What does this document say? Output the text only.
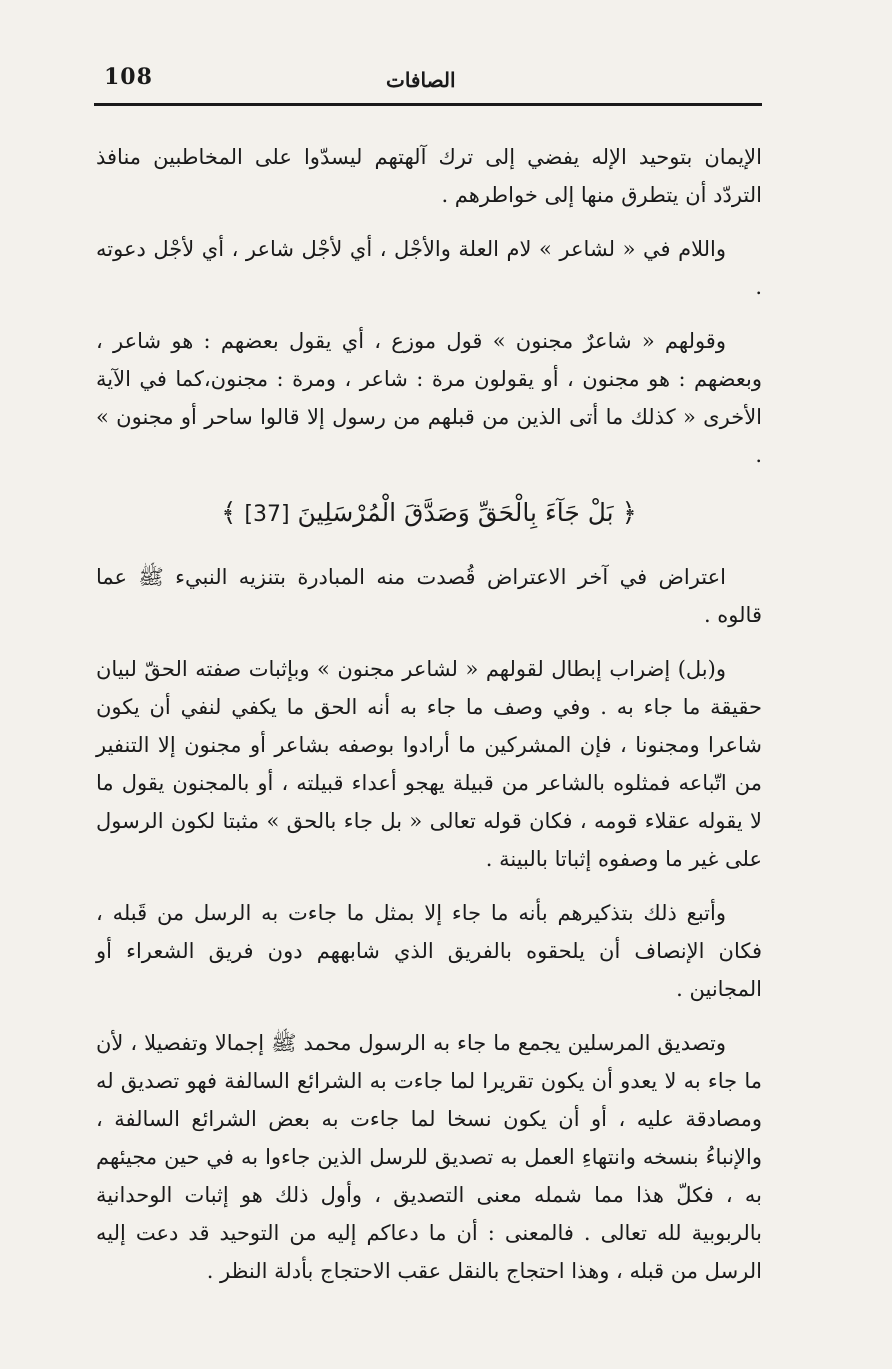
108	الصافات

الإيمان بتوحيد الإله يفضي إلى ترك آلهتهم ليسدّوا على المخاطبين منافذ التردّد أن يتطرق منها إلى خواطرهم .

واللام في « لشاعر » لام العلة والأجْل ، أي لأجْل شاعر ، أي لأجْل دعوته .

وقولهم « شاعرٌ مجنون » قول موزع ، أي يقول بعضهم : هو شاعر ، وبعضهم : هو مجنون ، أو يقولون مرة : شاعر ، ومرة : مجنون،كما في الآية الأخرى « كذلك ما أتى الذين من قبلهم من رسول إلا قالوا ساحر أو مجنون » .

﴿ بَلْ جَآءَ بِالْحَقِّ وَصَدَّقَ الْمُرْسَلِينَ [37] ﴾

اعتراض في آخر الاعتراض قُصدت منه المبادرة بتنزيه النبيء ﷺ عما قالوه .

و(بل) إضراب إبطال لقولهم « لشاعر مجنون » وبإثبات صفته الحقّ لبيان حقيقة ما جاء به . وفي وصف ما جاء به أنه الحق ما يكفي لنفي أن يكون شاعرا ومجنونا ، فإن المشركين ما أرادوا بوصفه بشاعر أو مجنون إلا التنفير من اتّباعه فمثلوه بالشاعر من قبيلة يهجو أعداء قبيلته ، أو بالمجنون يقول ما لا يقوله عقلاء قومه ، فكان قوله تعالى « بل جاء بالحق » مثبتا لكون الرسول على غير ما وصفوه إثباتا بالبينة .

وأتبع ذلك بتذكيرهم بأنه ما جاء إلا بمثل ما جاءت به الرسل من قَبله ، فكان الإنصاف أن يلحقوه بالفريق الذي شابههم دون فريق الشعراء أو المجانين .

وتصديق المرسلين يجمع ما جاء به الرسول محمد ﷺ إجمالا وتفصيلا ، لأن ما جاء به لا يعدو أن يكون تقريرا لما جاءت به الشرائع السالفة فهو تصديق له ومصادقة عليه ، أو أن يكون نسخا لما جاءت به بعض الشرائع السالفة ، والإنباءُ بنسخه وانتهاءِ العمل به تصديق للرسل الذين جاءوا به في حين مجيئهم به ، فكلّ هذا مما شمله معنى التصديق ، وأول ذلك هو إثبات الوحدانية بالربوبية لله تعالى . فالمعنى : أن ما دعاكم إليه من التوحيد قد دعت إليه الرسل من قبله ، وهذا احتجاج بالنقل عقب الاحتجاج بأدلة النظر .
